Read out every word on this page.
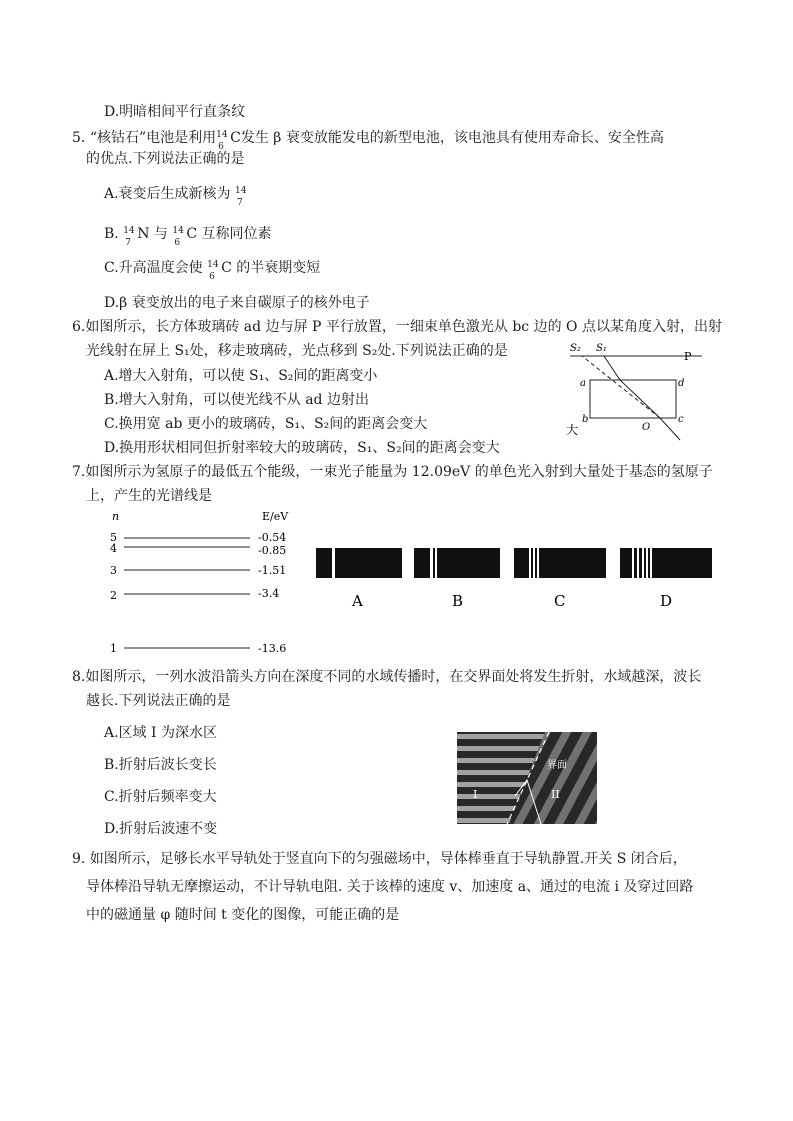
D.明暗相间平行直条纹
5. “核钴石”电池是利用 14
6
C发生 β 衰变放能发电的新型电池，该电池具有使用寿命长、安全性高
的优点.下列说法正确的是
A.衰变后生成新核为 14
7
B. 14
7
N 与 14
6
C 互称同位素
C.升高温度会使 14
6
C 的半衰期变短
D.β 衰变放出的电子来自碳原子的核外电子
6.如图所示，长方体玻璃砖 ad 边与屏 P 平行放置，一细束单色激光从 bc 边的 O 点以某角度入射，出射
光线射在屏上 S₁处，移走玻璃砖，光点移到 S₂处.下列说法正确的是
A.增大入射角，可以使 S₁、S₂间的距离变小
B.增大入射角，可以使光线不从 ad 边射出
C.换用宽 ab 更小的玻璃砖，S₁、S₂间的距离会变大
D.换用形状相同但折射率较大的玻璃砖，S₁、S₂间的距离会变大
S₂ S₁
P
a	d
b	c
O
大
7.如图所示为氢原子的最低五个能级，一束光子能量为 12.09eV 的单色光入射到大量处于基态的氢原子
上，产生的光谱线是
n	E/eV
5	-0.54
4	-0.85
3	-1.51
2	-3.4
1	-13.6
A	B	C	D
8.如图所示，一列水波沿箭头方向在深度不同的水域传播时，在交界面处将发生折射，水域越深，波长
越长.下列说法正确的是
A.区域 I 为深水区
B.折射后波长变长
C.折射后频率变大
D.折射后波速不变
界面
I	II
9. 如图所示，足够长水平导轨处于竖直向下的匀强磁场中，导体棒垂直于导轨静置.开关 S 闭合后，
导体棒沿导轨无摩擦运动，不计导轨电阻. 关于该棒的速度 v、加速度 a、通过的电流 i 及穿过回路
中的磁通量 φ 随时间 t 变化的图像，可能正确的是
